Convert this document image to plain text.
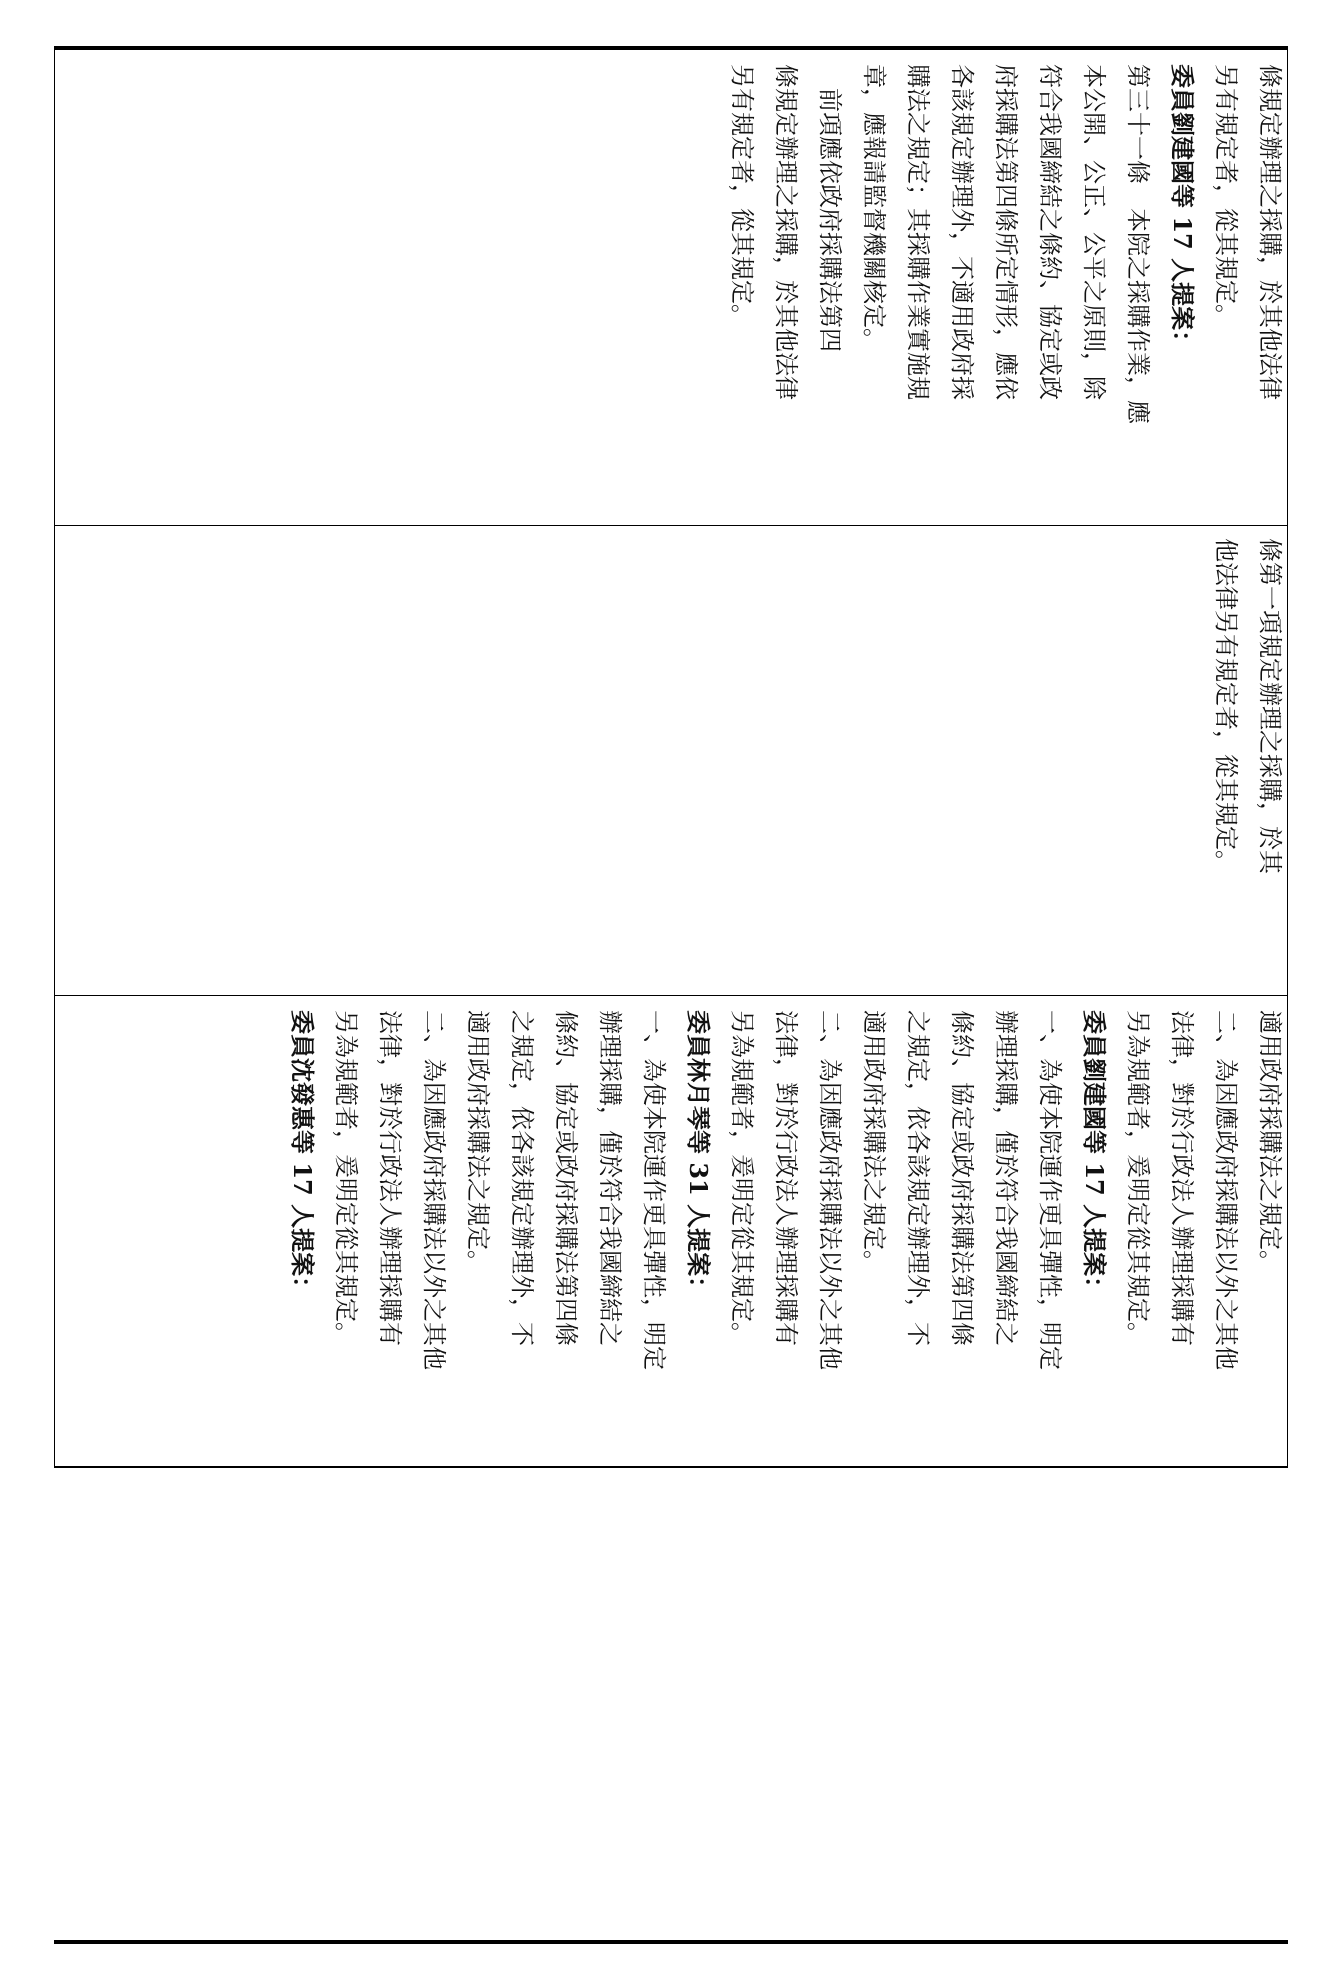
條規定辦理之採購，於其他法律
另有規定者，從其規定。
委員劉建國等 17 人提案：
第三十一條　本院之採購作業，應
本公開、公正、公平之原則，除
符合我國締結之條約、協定或政
府採購法第四條所定情形，應依
各該規定辦理外，不適用政府採
購法之規定；其採購作業實施規
章，應報請監督機關核定。
　前項應依政府採購法第四
條規定辦理之採購，於其他法律
另有規定者，從其規定。
條第一項規定辦理之採購，於其
他法律另有規定者，從其規定。
適用政府採購法之規定。
二、為因應政府採購法以外之其他
法律，對於行政法人辦理採購有
另為規範者，爰明定從其規定。
委員劉建國等 17 人提案：
一、為使本院運作更具彈性，明定
辦理採購，僅於符合我國締結之
條約、協定或政府採購法第四條
之規定，依各該規定辦理外，不
適用政府採購法之規定。
二、為因應政府採購法以外之其他
法律，對於行政法人辦理採購有
另為規範者，爰明定從其規定。
委員林月琴等 31 人提案：
一、為使本院運作更具彈性，明定
辦理採購，僅於符合我國締結之
條約、協定或政府採購法第四條
之規定，依各該規定辦理外，不
適用政府採購法之規定。
二、為因應政府採購法以外之其他
法律，對於行政法人辦理採購有
另為規範者，爰明定從其規定。
委員沈發惠等 17 人提案：
